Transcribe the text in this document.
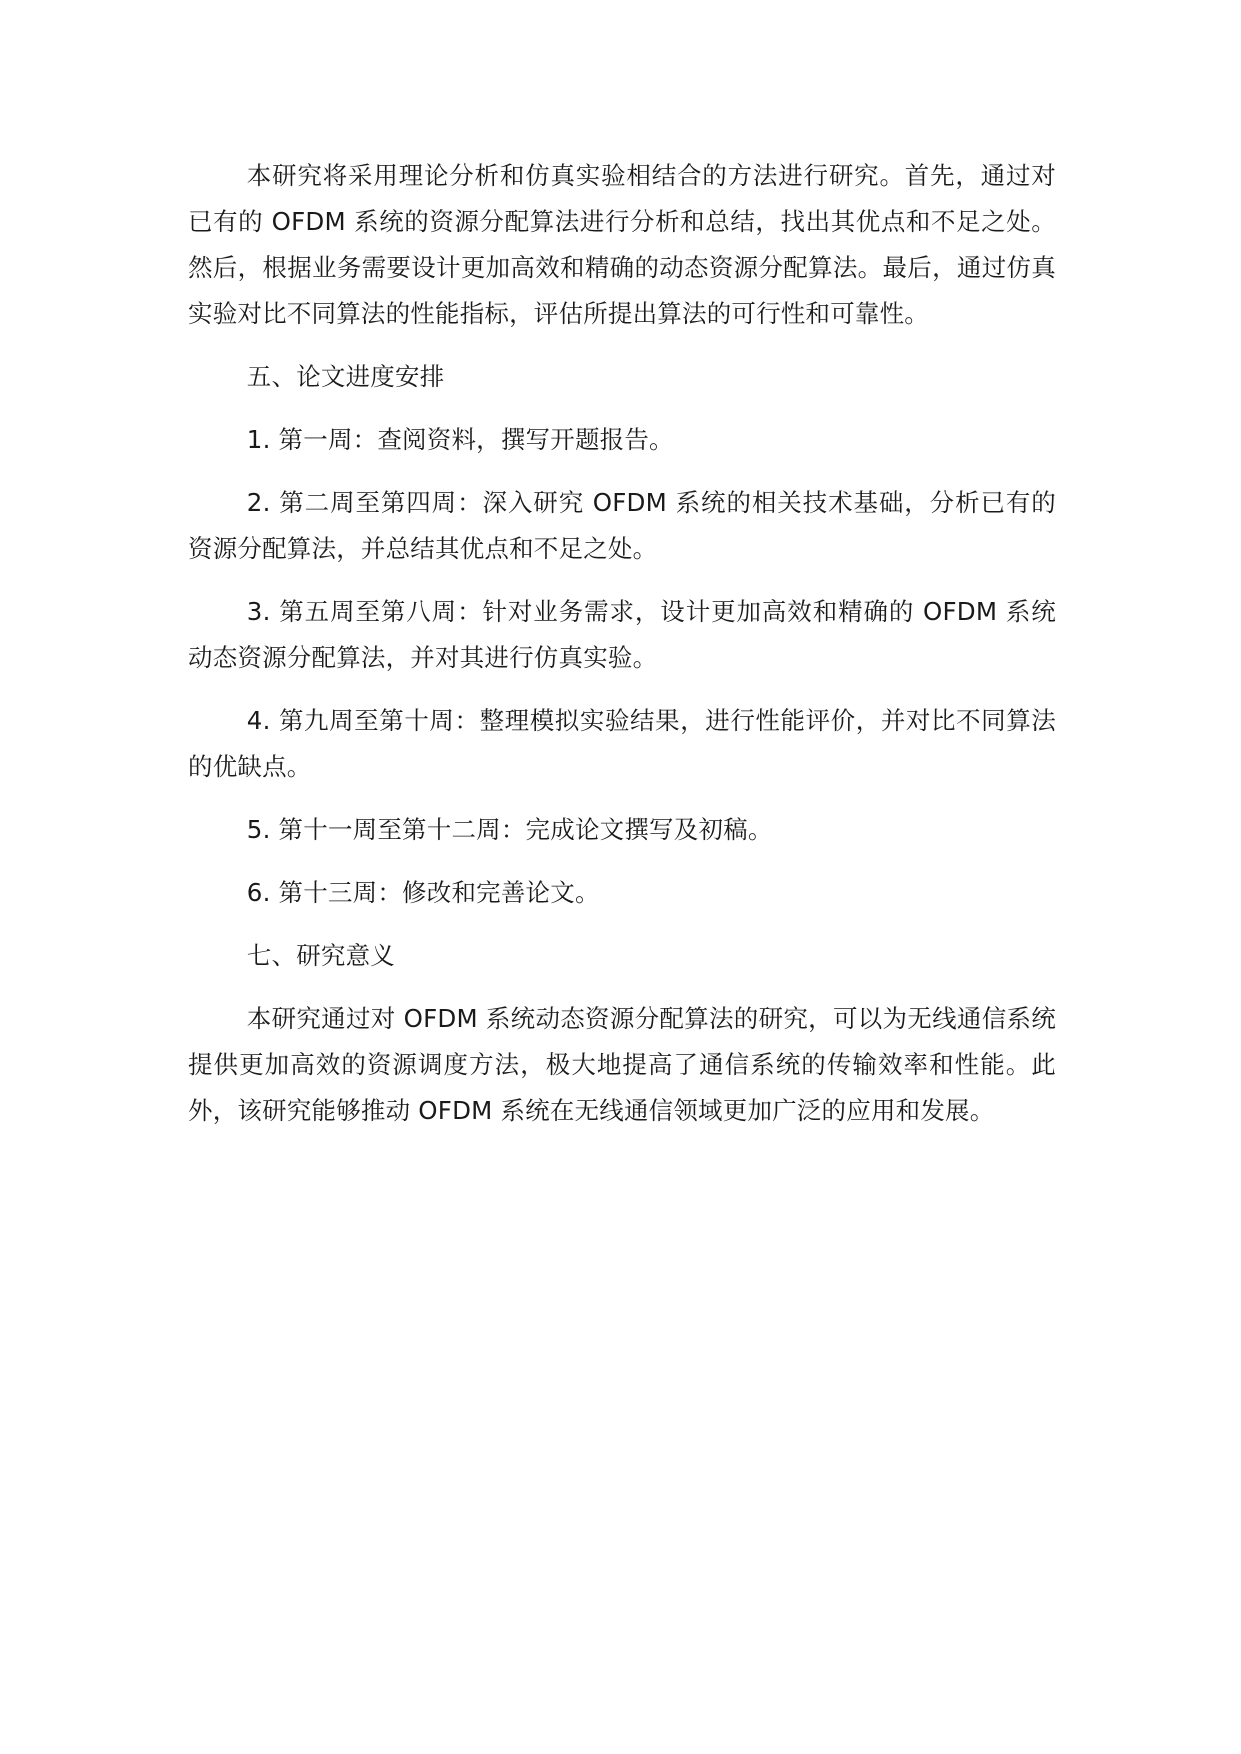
本研究将采用理论分析和仿真实验相结合的方法进行研究。首先，通过对已有的 OFDM 系统的资源分配算法进行分析和总结，找出其优点和不足之处。然后，根据业务需要设计更加高效和精确的动态资源分配算法。最后，通过仿真实验对比不同算法的性能指标，评估所提出算法的可行性和可靠性。

五、论文进度安排

1. 第一周：查阅资料，撰写开题报告。

2. 第二周至第四周：深入研究 OFDM 系统的相关技术基础，分析已有的资源分配算法，并总结其优点和不足之处。

3. 第五周至第八周：针对业务需求，设计更加高效和精确的 OFDM 系统动态资源分配算法，并对其进行仿真实验。

4. 第九周至第十周：整理模拟实验结果，进行性能评价，并对比不同算法的优缺点。

5. 第十一周至第十二周：完成论文撰写及初稿。

6. 第十三周：修改和完善论文。

七、研究意义

本研究通过对 OFDM 系统动态资源分配算法的研究，可以为无线通信系统提供更加高效的资源调度方法，极大地提高了通信系统的传输效率和性能。此外，该研究能够推动 OFDM 系统在无线通信领域更加广泛的应用和发展。
